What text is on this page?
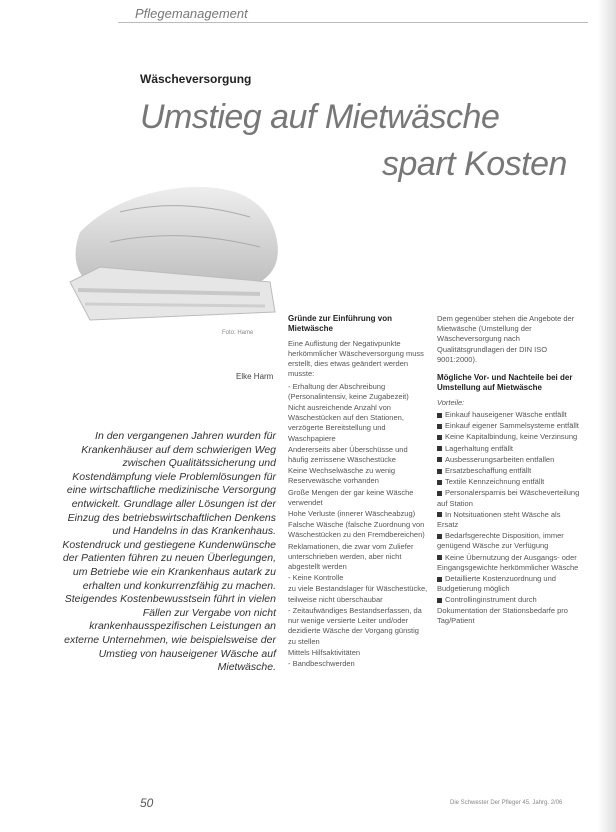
Pflegemanagement
Wäscheversorgung
Umstieg auf Mietwäsche
spart Kosten
Foto: Hame
Elke Harm

In den vergangenen Jahren wurden für Krankenhäuser auf dem schwierigen Weg zwischen Qualitätssicherung und Kostendämpfung viele Problemlösungen für eine wirtschaftliche medizinische Versorgung entwickelt. Grundlage aller Lösungen ist der Einzug des betriebswirtschaftlichen Denkens und Handelns in das Krankenhaus. Kostendruck und gestiegene Kundenwünsche der Patienten führen zu neuen Überlegungen, um Betriebe wie ein Krankenhaus autark zu erhalten und konkurrenzfähig zu machen. Steigendes Kostenbewusstsein führt in vielen Fällen zur Vergabe von nicht krankenhausspezifischen Leistungen an externe Unternehmen, wie beispielsweise der Umstieg von hauseigener Wäsche auf Mietwäsche.

Gründe zur Einführung von Mietwäsche

Eine Auflistung der Negativpunkte herkömmlicher Wäscheversorgung muss erstellt, dies etwas geändert werden musste:

- Erhaltung der Abschreibung (Personalintensiv, keine Zugabezeit)
Nicht ausreichende Anzahl von Wäschestücken auf den Stationen, verzögerte Bereitstellung und Waschpapiere
Andererseits aber Überschüsse und häufig zerrissene Wäschestücke
Keine Wechselwäsche zu wenig Reservewäsche vorhanden
Große Mengen der gar keine Wäsche verwendet
Hohe Verluste (innerer Wäscheabzug)
Falsche Wäsche (falsche Zuordnung von Wäschestücken zu den Fremdbereichen)
Reklamationen, die zwar vom Zuliefer unterschrieben werden, aber nicht abgestellt werden
- Keine Kontrolle
zu viele Bestandslager für Wäschestücke, teilweise nicht überschaubar
- Zeitaufwändiges Bestandserfassen, da nur wenige versierte Leiter und/oder dezidierte Wäsche der Vorgang günstig zu stellen
Mittels Hilfsaktivitäten
- Bandbeschwerden

Dem gegenüber stehen die Angebote der Mietwäsche (Umstellung der Wäscheversorgung nach Qualitätsgrundlagen der DIN ISO 9001:2000).

Mögliche Vor- und Nachteile bei der Umstellung auf Mietwäsche

Vorteile:

Einkauf hauseigener Wäsche entfällt
Einkauf eigener Sammelsysteme entfällt
Keine Kapitalbindung, keine Verzinsung
Lagerhaltung entfällt
Ausbesserungsarbeiten entfallen
Ersatzbeschaffung entfällt
Textile Kennzeichnung entfällt
Personalersparnis bei Wäscheverteilung auf Station
In Notsituationen steht Wäsche als Ersatz
Bedarfsgerechte Disposition, immer genügend Wäsche zur Verfügung
Keine Übernutzung der Ausgangs- oder Eingangsgewichte herkömmlicher Wäsche
Detaillierte Kostenzuordnung und Budgetierung möglich
Controllinginstrument durch Dokumentation der Stationsbedarfe pro Tag/Patient
50	Die Schwester Der Pfleger 45. Jahrg. 2/06
